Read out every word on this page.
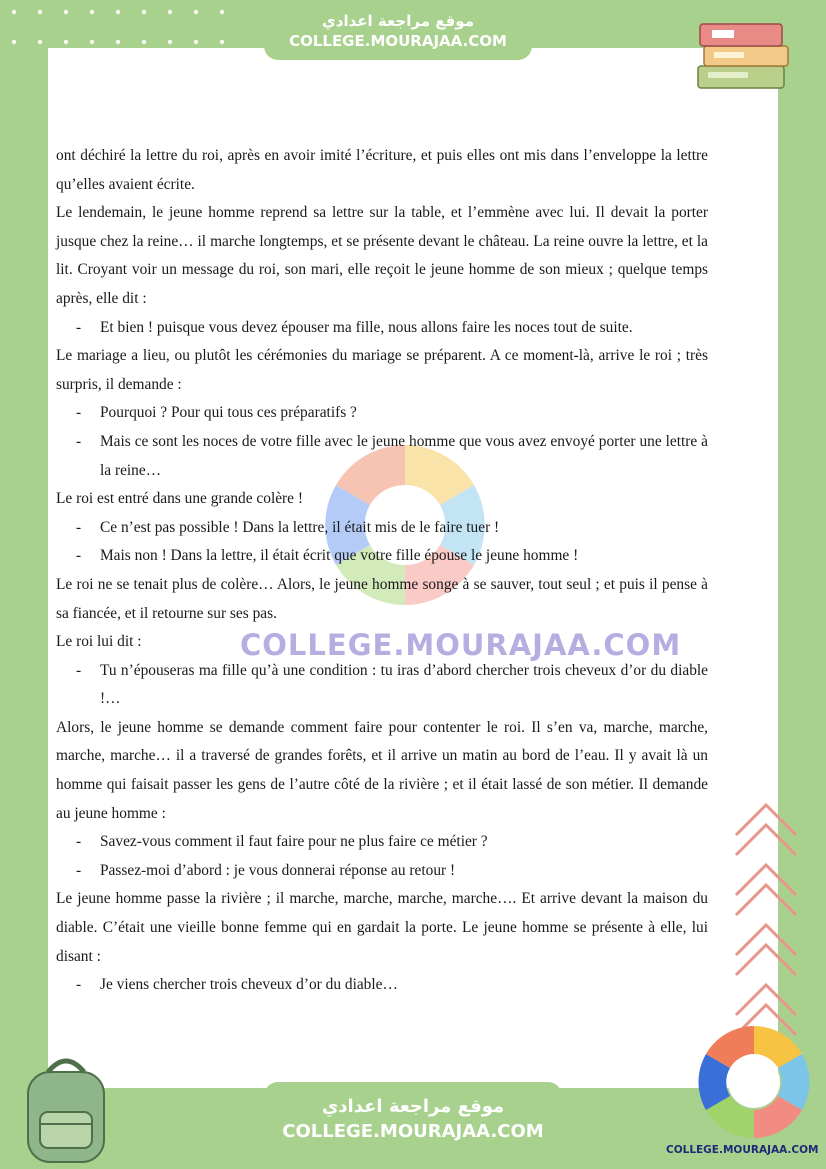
موقع مراجعة اعدادي
COLLEGE.MOURAJAA.COM

ont déchiré la lettre du roi, après en avoir imité l’écriture, et puis elles ont mis dans l’enveloppe la lettre qu’elles avaient écrite.

Le lendemain, le jeune homme reprend sa lettre sur la table, et l’emmène avec lui. Il devait la porter jusque chez la reine… il marche longtemps, et se présente devant le château. La reine ouvre la lettre, et la lit. Croyant voir un message du roi, son mari, elle reçoit le jeune homme de son mieux ; quelque temps après, elle dit :

- Et bien ! puisque vous devez épouser ma fille, nous allons faire les noces tout de suite.

Le mariage a lieu, ou plutôt les cérémonies du mariage se préparent. A ce moment-là, arrive le roi ; très surpris, il demande :

- Pourquoi ? Pour qui tous ces préparatifs ?

- Mais ce sont les noces de votre fille avec le jeune homme que vous avez envoyé porter une lettre à la reine…

Le roi est entré dans une grande colère !

- Ce n’est pas possible ! Dans la lettre, il était mis de le faire tuer !

- Mais non ! Dans la lettre, il était écrit que votre fille épouse le jeune homme !

Le roi ne se tenait plus de colère… Alors, le jeune homme songe à se sauver, tout seul ; et puis il pense à sa fiancée, et il retourne sur ses pas.

Le roi lui dit :

- Tu n’épouseras ma fille qu’à une condition : tu iras d’abord chercher trois cheveux d’or du diable !…

Alors, le jeune homme se demande comment faire pour contenter le roi. Il s’en va, marche, marche, marche, marche… il a traversé de grandes forêts, et il arrive un matin au bord de l’eau. Il y avait là un homme qui faisait passer les gens de l’autre côté de la rivière ; et il était lassé de son métier. Il demande au jeune homme :

- Savez-vous comment il faut faire pour ne plus faire ce métier ?

- Passez-moi d’abord : je vous donnerai réponse au retour !

Le jeune homme passe la rivière ; il marche, marche, marche, marche…. Et arrive devant la maison du diable. C’était une vieille bonne femme qui en gardait la porte. Le jeune homme se présente à elle, lui disant :

- Je viens chercher trois cheveux d’or du diable…

COLLEGE.MOURAJAA.COM
موقع مراجعة اعدادي
COLLEGE.MOURAJAA.COM
COLLEGE.MOURAJAA.COM
